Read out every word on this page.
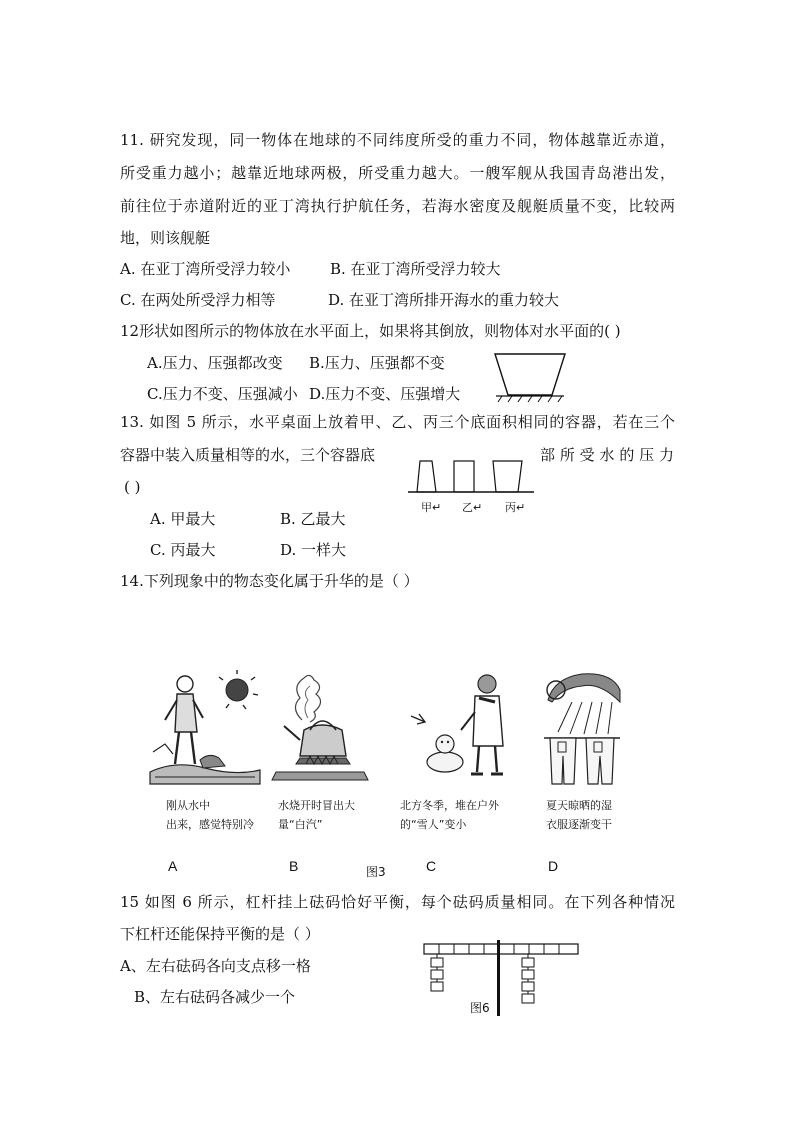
11. 研究发现，同一物体在地球的不同纬度所受的重力不同，物体越靠近赤道，
所受重力越小；越靠近地球两极，所受重力越大。一艘军舰从我国青岛港出发，
前往位于赤道附近的亚丁湾执行护航任务，若海水密度及舰艇质量不变，比较两
地，则该舰艇
A. 在亚丁湾所受浮力较小	B. 在亚丁湾所受浮力较大
C. 在两处所受浮力相等	D. 在亚丁湾所排开海水的重力较大
12形状如图所示的物体放在水平面上，如果将其倒放，则物体对水平面的( )
A.压力、压强都改变 B.压力、压强都不变
C.压力不变、压强减小 D.压力不变、压强增大
13. 如图 5 所示，水平桌面上放着甲、乙、丙三个底面积相同的容器，若在三个
容器中装入质量相等的水，三个容器底	部所受水的压力
( )
甲↵ 乙↵ 丙↵
A. 甲最大	B. 乙最大
C. 丙最大	D. 一样大
14.下列现象中的物态变化属于升华的是（ ）
刚从水中
出来，感觉特别冷
水烧开时冒出大
量“白汽”
北方冬季，堆在户外
的“雪人”变小
夏天晾晒的湿
衣服逐渐变干
A	B	C	D
图3
15 如图 6 所示，杠杆挂上砝码恰好平衡，每个砝码质量相同。在下列各种情况
下杠杆还能保持平衡的是（ ）
A、左右砝码各向支点移一格
B、左右砝码各减少一个
图6
